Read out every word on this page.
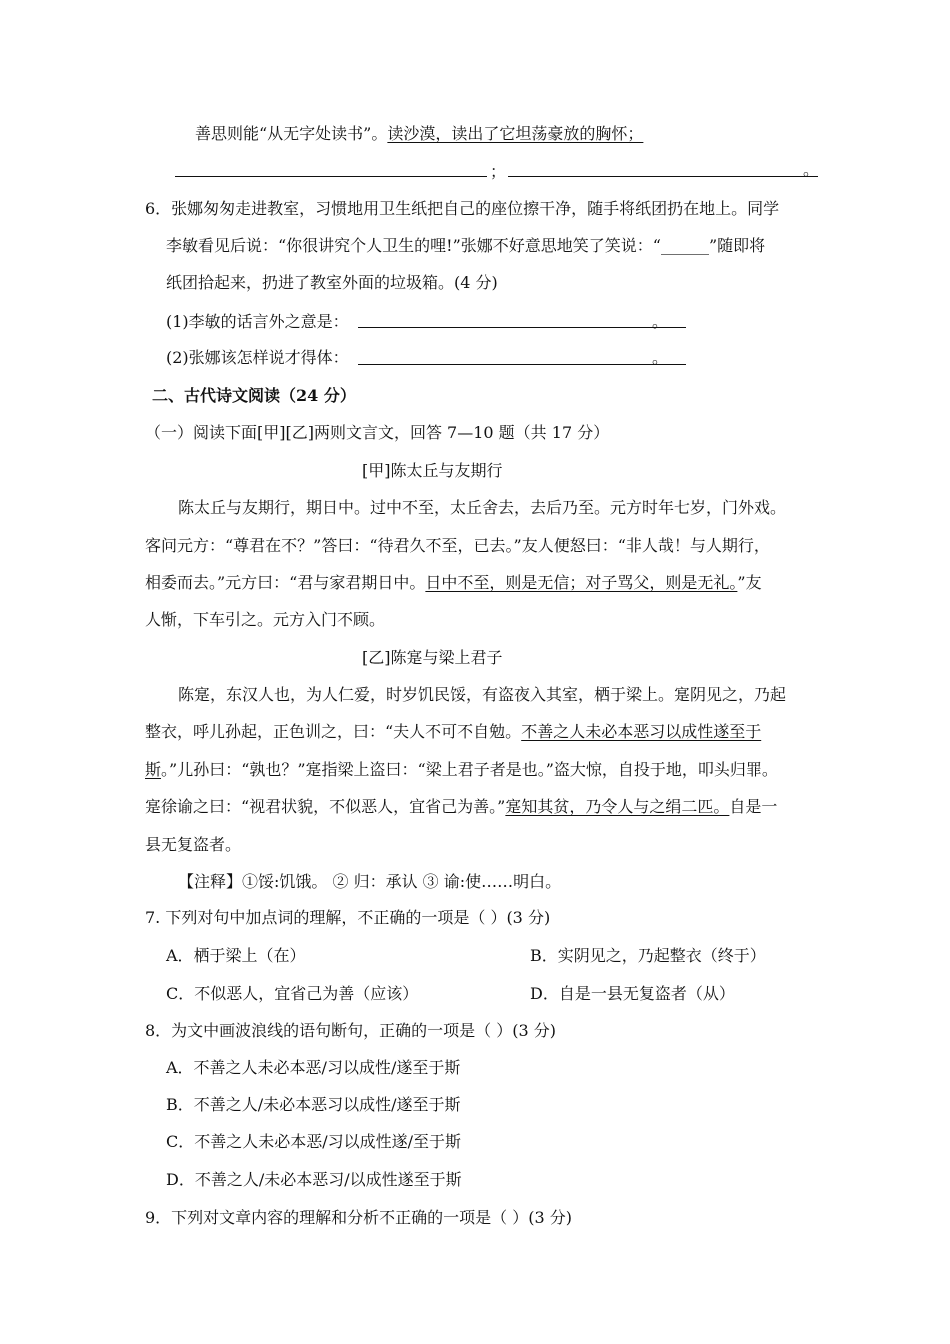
善思则能“从无字处读书”。读沙漠，读出了它坦荡豪放的胸怀；
；	。
6．张娜匆匆走进教室，习惯地用卫生纸把自己的座位擦干净，随手将纸团扔在地上。同学
李敏看见后说：“你很讲究个人卫生的哩!”张娜不好意思地笑了笑说：“______”随即将
纸团拾起来，扔进了教室外面的垃圾箱。(4 分)
(1)李敏的话言外之意是：	。
(2)张娜该怎样说才得体：	。
二、古代诗文阅读（24 分）
（一）阅读下面[甲][乙]两则文言文，回答 7—10 题（共 17 分）
[甲]陈太丘与友期行
陈太丘与友期行，期日中。过中不至，太丘舍去，去后乃至。元方时年七岁，门外戏。
客问元方：“尊君在不？”答曰：“待君久不至，已去。”友人便怒曰：“非人哉！与人期行，
相委而去。”元方曰：“君与家君期日中。日中不至，则是无信；对子骂父，则是无礼。”友
人惭，下车引之。元方入门不顾。
[乙]陈寔与梁上君子
陈寔，东汉人也，为人仁爱，时岁饥民馁，有盗夜入其室，栖于梁上。寔阴见之，乃起
整衣，呼儿孙起，正色训之，曰：“夫人不可不自勉。不善之人未必本恶习以成性遂至于
斯。”儿孙曰：“孰也？”寔指梁上盗曰：“梁上君子者是也。”盗大惊，自投于地，叩头归罪。
寔徐谕之曰：“视君状貌，不似恶人，宜省己为善。”寔知其贫，乃令人与之绢二匹。自是一
县无复盗者。
【注释】①馁:饥饿。 ② 归：承认 ③ 谕:使……明白。
7. 下列对句中加点词的理解，不正确的一项是（ ）(3 分)
A．栖于梁上（在）	B．实阴见之，乃起整衣（终于）
C．不似恶人，宜省己为善（应该）	D．自是一县无复盗者（从）
8．为文中画波浪线的语句断句，正确的一项是（ ）(3 分)
A．不善之人未必本恶/习以成性/遂至于斯
B．不善之人/未必本恶习以成性/遂至于斯
C．不善之人未必本恶/习以成性遂/至于斯
D．不善之人/未必本恶习/以成性遂至于斯
9．下列对文章内容的理解和分析不正确的一项是（ ）(3 分)
